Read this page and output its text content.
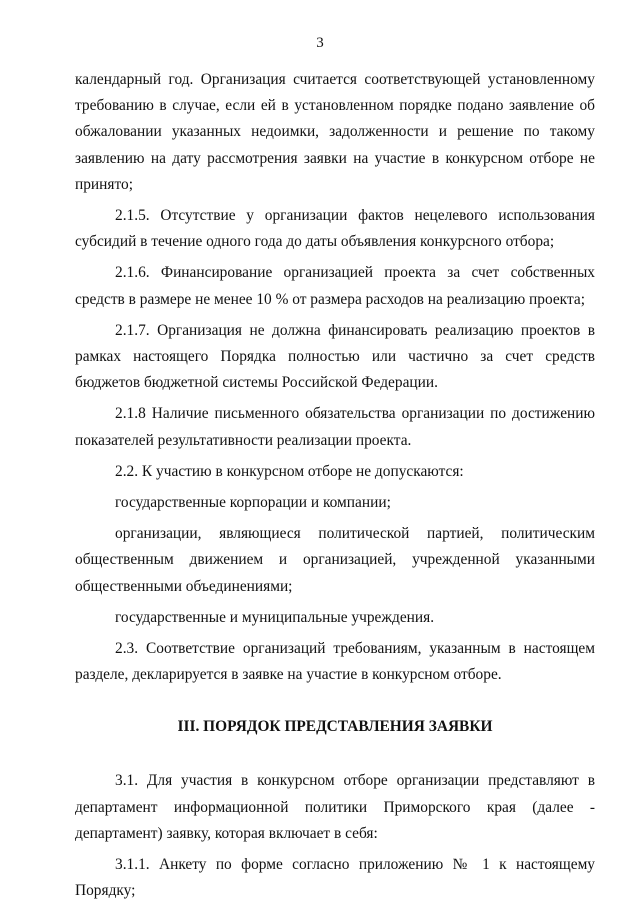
3

календарный год. Организация считается соответствующей установленному требованию в случае, если ей в установленном порядке подано заявление об обжаловании указанных недоимки, задолженности и решение по такому заявлению на дату рассмотрения заявки на участие в конкурсном отборе не принято;

2.1.5. Отсутствие у организации фактов нецелевого использования субсидий в течение одного года до даты объявления конкурсного отбора;

2.1.6. Финансирование организацией проекта за счет собственных средств в размере не менее 10 % от размера расходов на реализацию проекта;

2.1.7. Организация не должна финансировать реализацию проектов в рамках настоящего Порядка полностью или частично за счет средств бюджетов бюджетной системы Российской Федерации.

2.1.8 Наличие письменного обязательства организации по достижению показателей результативности реализации проекта.

2.2. К участию в конкурсном отборе не допускаются:

государственные корпорации и компании;

организации, являющиеся политической партией, политическим общественным движением и организацией, учрежденной указанными общественными объединениями;

государственные и муниципальные учреждения.

2.3. Соответствие организаций требованиям, указанным в настоящем разделе, декларируется в заявке на участие в конкурсном отборе.

III. ПОРЯДОК ПРЕДСТАВЛЕНИЯ ЗАЯВКИ

3.1. Для участия в конкурсном отборе организации представляют в департамент информационной политики Приморского края (далее - департамент) заявку, которая включает в себя:

3.1.1. Анкету по форме согласно приложению № 1 к настоящему Порядку;
